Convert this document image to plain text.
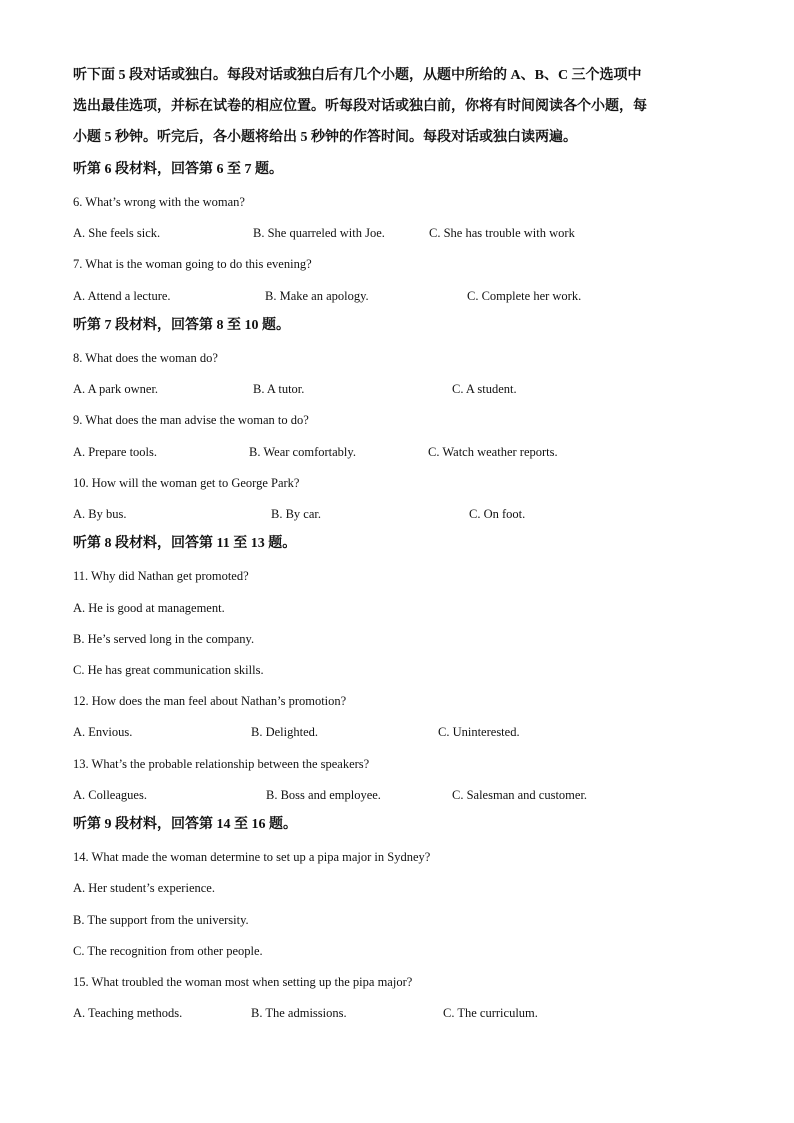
听下面 5 段对话或独白。每段对话或独白后有几个小题，从题中所给的 A、B、C 三个选项中
选出最佳选项，并标在试卷的相应位置。听每段对话或独白前，你将有时间阅读各个小题，每
小题 5 秒钟。听完后，各小题将给出 5 秒钟的作答时间。每段对话或独白读两遍。
听第 6 段材料，回答第 6 至 7 题。
6. What’s wrong with the woman?
A. She feels sick.	B. She quarreled with Joe.	C. She has trouble with work
7. What is the woman going to do this evening?
A. Attend a lecture.	B. Make an apology.	C. Complete her work.
听第 7 段材料，回答第 8 至 10 题。
8. What does the woman do?
A. A park owner.	B. A tutor.	C. A student.
9. What does the man advise the woman to do?
A. Prepare tools.	B. Wear comfortably.	C. Watch weather reports.
10. How will the woman get to George Park?
A. By bus.	B. By car.	C. On foot.
听第 8 段材料，回答第 11 至 13 题。
11. Why did Nathan get promoted?
A. He is good at management.
B. He’s served long in the company.
C. He has great communication skills.
12. How does the man feel about Nathan’s promotion?
A. Envious.	B. Delighted.	C. Uninterested.
13. What’s the probable relationship between the speakers?
A. Colleagues.	B. Boss and employee.	C. Salesman and customer.
听第 9 段材料，回答第 14 至 16 题。
14. What made the woman determine to set up a pipa major in Sydney?
A. Her student’s experience.
B. The support from the university.
C. The recognition from other people.
15. What troubled the woman most when setting up the pipa major?
A. Teaching methods.	B. The admissions.	C. The curriculum.
